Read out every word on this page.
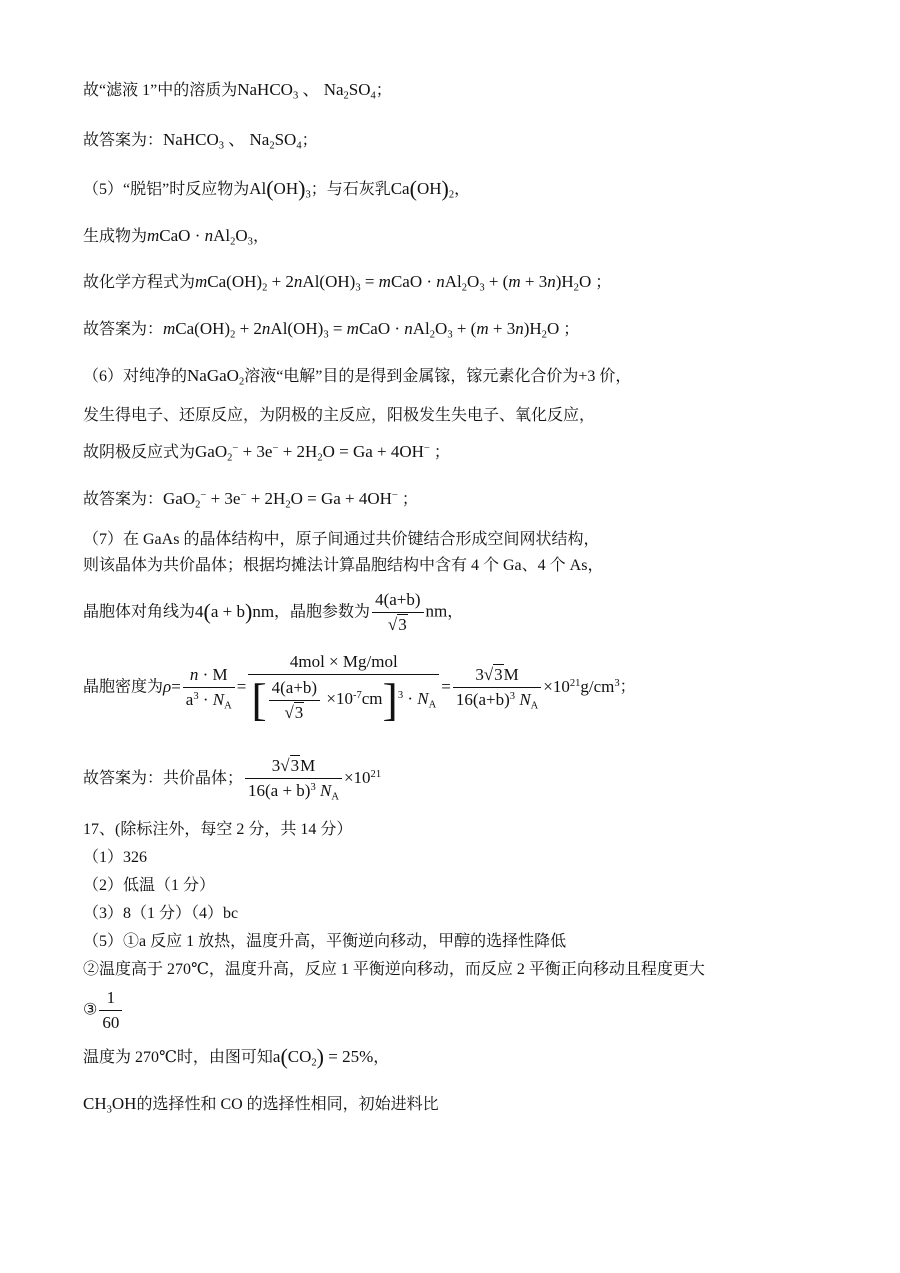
故“滤液 1”中的溶质为NaHCO$_3$ 、 $Na_2SO_4$；
故答案为：NaHCO$_3$ 、 $Na_2SO_4$；
（5）“脱铝”时反应物为$Al(OH)_3$；与石灰乳$Ca(OH)_2$，
生成物为mCaO · $nAl_2O_3$，
故化学方程式为$mCa(OH)_2 + 2nAl(OH)_3$ = mCaO · $nAl_2O_3 + (m + 3n)H_2O$ ；
故答案为：$mCa(OH)_2 + 2nAl(OH)_3$ = mCaO · $nAl_2O_3 + (m + 3n)H_2O$ ；
（6）对纯净的NaGaO$_2$溶液“电解”目的是得到金属镓，镓元素化合价为+3 价，
发生得电子、还原反应，为阴极的主反应，阳极发生失电子、氧化反应，
故阴极反应式为$GaO_2^- + 3e^- + 2H_2O = Ga + 4OH^-$ ；
故答案为：$GaO_2^- + 3e^- + 2H_2O = Ga + 4OH^-$ ；
（7）在 GaAs 的晶体结构中，原子间通过共价键结合形成空间网状结构，
则该晶体为共价晶体；根据均摊法计算晶胞结构中含有 4 个 Ga、4 个 As，
晶胞体对角线为4(a + b)nm，晶胞参数为 $\frac{4(a+b)}{√3}$ nm，
晶胞密度为$\rho= \frac{n \cdot M}{a^3 \cdot N_A} = \frac{\text{4mol × Mg/mol}}{[ \frac{4(a+b)}{√3} \times 10^{-7}cm]^3 \cdot N_A} = \frac{3√3M}{16(a+b)^3 N_A} \times 10^{21}g/cm^3$；
故答案为：共价晶体； $\frac{3√3M}{16(a + b)^3 N_A} \times 10^{21}$
17、(除标注外，每空 2 分，共 14 分）
（1）326
（2）低温（1 分）
（3）8（1 分）（4）bc
（5）①a 反应 1 放热，温度升高，平衡逆向移动，甲醇的选择性降低
②温度高于 270℃，温度升高，反应 1 平衡逆向移动，而反应 2 平衡正向移动且程度更大
③ $\frac{1}{60}$
温度为 270℃时，由图可知$a(CO_2) = 25\%$，
$CH_3OH$的选择性和 CO 的选择性相同，初始进料比
